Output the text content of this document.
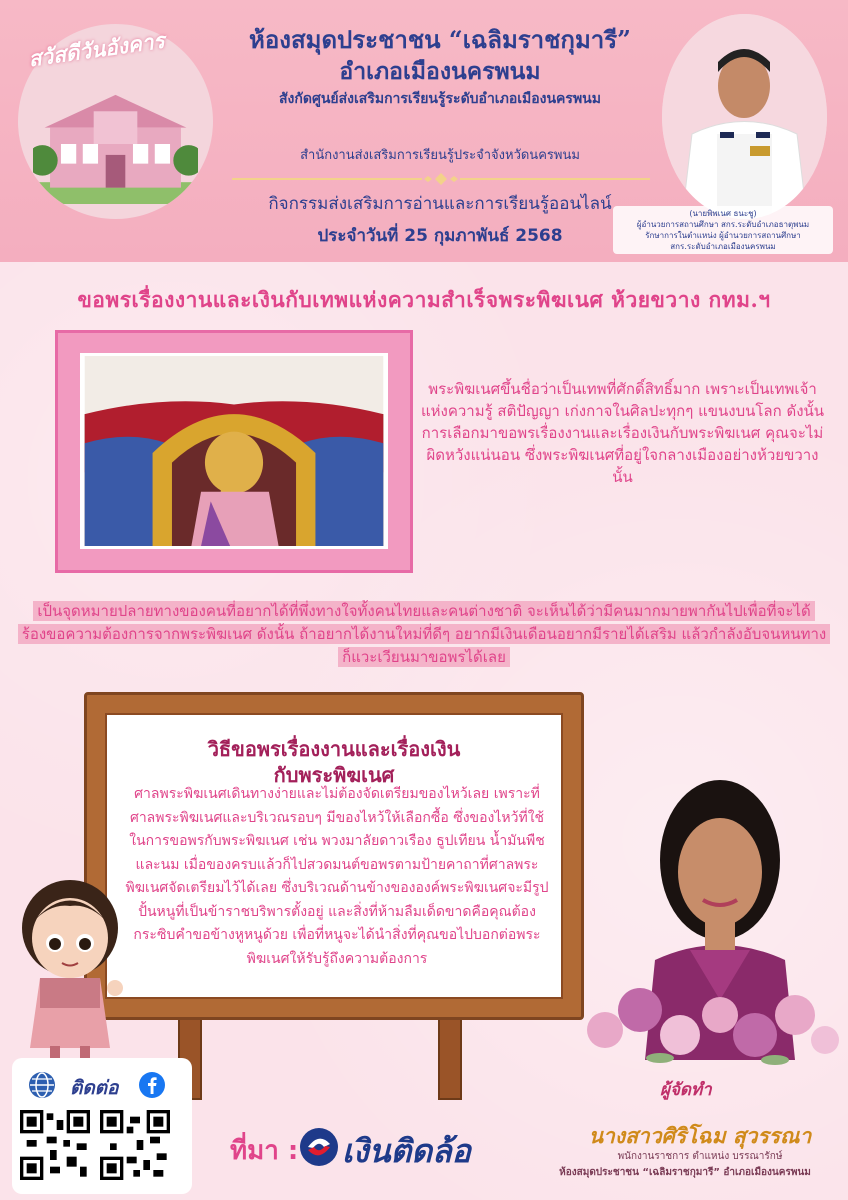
สวัสดีวันอังคาร	ห้องสมุดประชาชน “เฉลิมราชกุมารี”
อำเภอเมืองนครพนม
สังกัดศูนย์ส่งเสริมการเรียนรู้ระดับอำเภอเมืองนครพนม
สำนักงานส่งเสริมการเรียนรู้ประจำจังหวัดนครพนม
กิจกรรมส่งเสริมการอ่านและการเรียนรู้ออนไลน์
ประจำวันที่ 25 กุมภาพันธ์ 2568
(นายพิพเนศ ธนะชู)
ผู้อำนวยการสถานศึกษา สกร.ระดับอำเภอธาตุพนม
รักษาการในตำแหน่ง ผู้อำนวยการสถานศึกษา
สกร.ระดับอำเภอเมืองนครพนม
ขอพรเรื่องงานและเงินกับเทพแห่งความสำเร็จพระพิฆเนศ ห้วยขวาง กทม.ฯ
พระพิฆเนศขึ้นชื่อว่าเป็นเทพที่ศักดิ์สิทธิ์มาก เพราะเป็นเทพเจ้าแห่งความรู้ สติปัญญา เก่งกาจในศิลปะทุกๆ แขนงบนโลก ดังนั้น การเลือกมาขอพรเรื่องงานและเรื่องเงินกับพระพิฆเนศ คุณจะไม่ผิดหวังแน่นอน ซึ่งพระพิฆเนศที่อยู่ใจกลางเมืองอย่างห้วยขวางนั้น
เป็นจุดหมายปลายทางของคนที่อยากได้ที่พึ่งทางใจทั้งคนไทยและคนต่างชาติ จะเห็นได้ว่ามีคนมากมายพากันไปเพื่อที่จะได้ร้องขอความต้องการจากพระพิฆเนศ ดังนั้น ถ้าอยากได้งานใหม่ที่ดีๆ อยากมีเงินเดือนอยากมีรายได้เสริม แล้วกำลังอับจนหนทาง ก็แวะเวียนมาขอพรได้เลย
วิธีขอพรเรื่องงานและเรื่องเงิน
กับพระพิฆเนศ
ศาลพระพิฆเนศเดินทางง่ายและไม่ต้องจัดเตรียมของไหว้เลย เพราะที่ศาลพระพิฆเนศและบริเวณรอบๆ มีของไหว้ให้เลือกซื้อ ซึ่งของไหว้ที่ใช้ในการขอพรกับพระพิฆเนศ เช่น พวงมาลัยดาวเรือง ธูปเทียน น้ำมันพืชและนม เมื่อของครบแล้วก็ไปสวดมนต์ขอพรตามป้ายคาถาที่ศาลพระพิฆเนศจัดเตรียมไว้ได้เลย ซึ่งบริเวณด้านข้างขององค์พระพิฆเนศจะมีรูปปั้นหนูที่เป็นข้าราชบริพารตั้งอยู่ และสิ่งที่ห้ามลืมเด็ดขาดคือคุณต้องกระซิบคำขอข้างหูหนูด้วย เพื่อที่หนูจะได้นำสิ่งที่คุณขอไปบอกต่อพระพิฆเนศให้รับรู้ถึงความต้องการ
ผู้จัดทำ
นางสาวศิริโฉม สุวรรณา
พนักงานราชการ ตำแหน่ง บรรณารักษ์
ห้องสมุดประชาชน “เฉลิมราชกุมารี” อำเภอเมืองนครพนม
ติดต่อ
ที่มา : เงินติดล้อ
